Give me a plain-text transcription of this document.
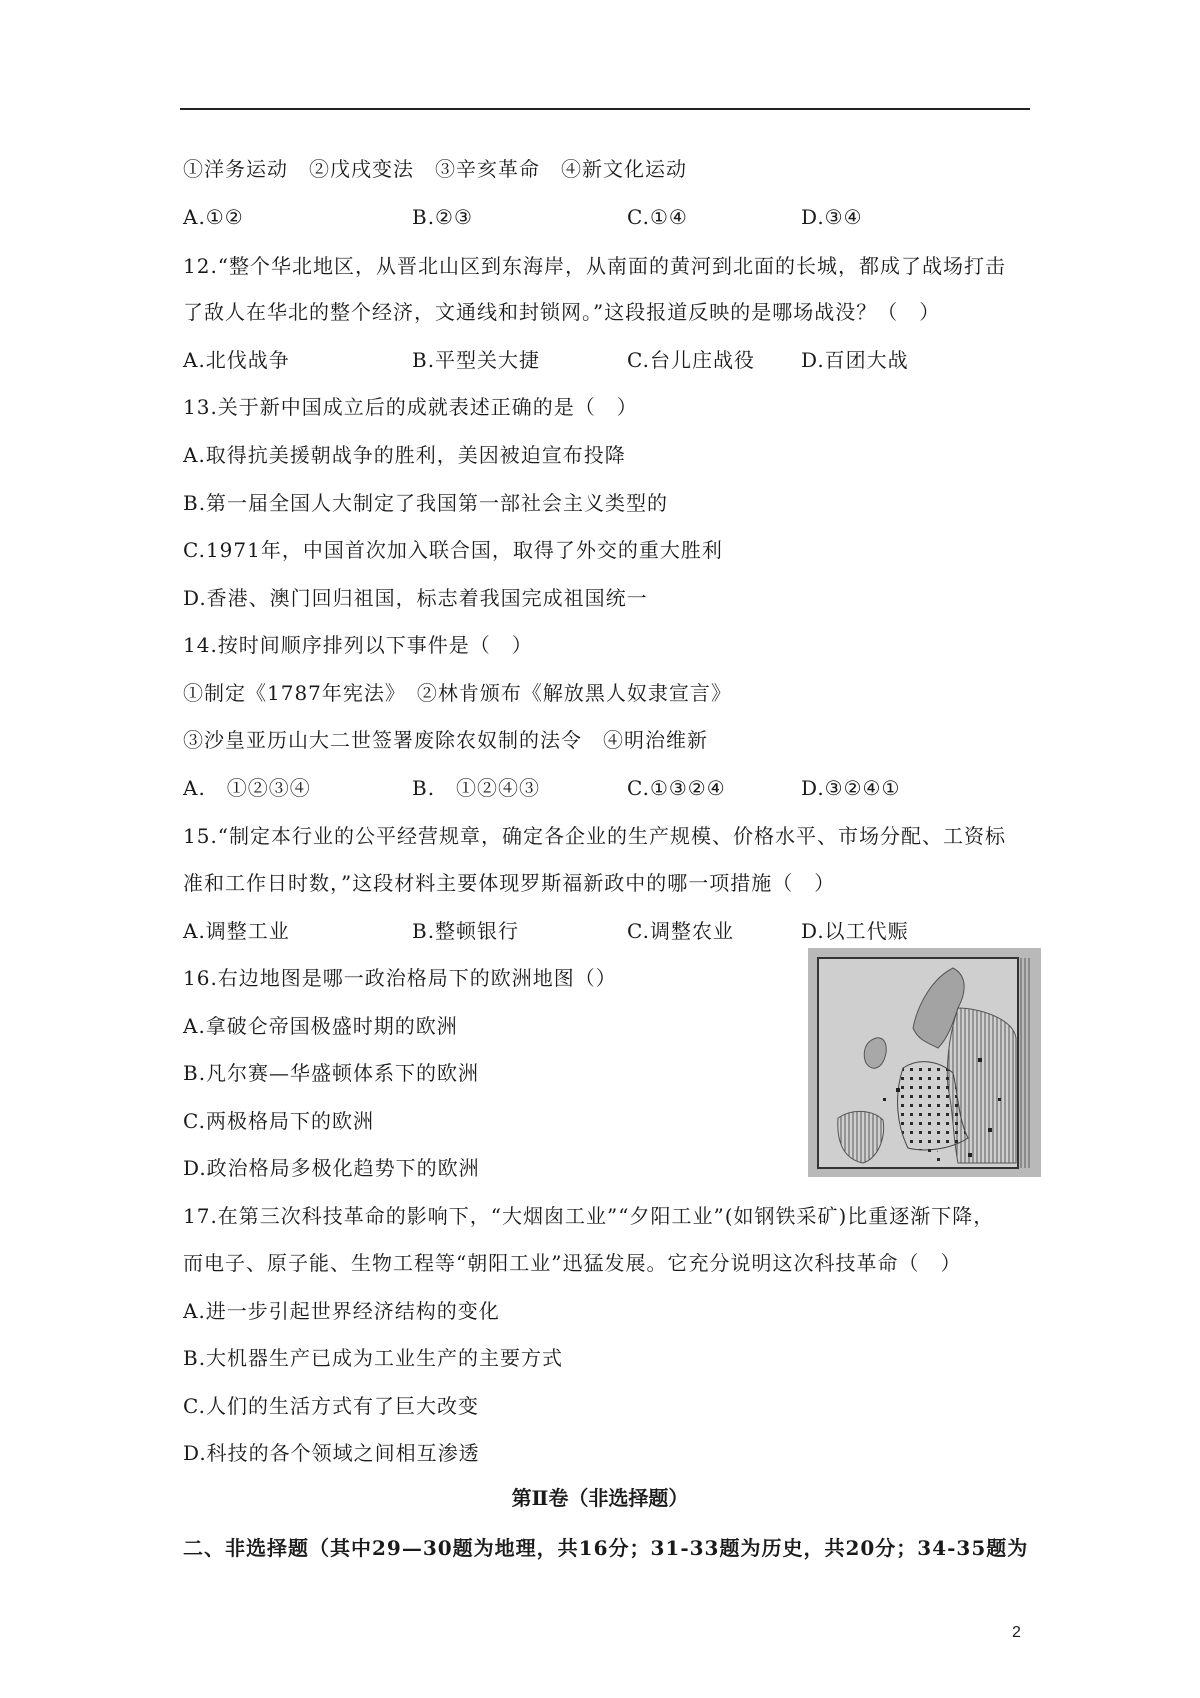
①洋务运动　②戊戌变法　③辛亥革命　④新文化运动
A.①②	B.②③	C.①④	D.③④
12.“整个华北地区，从晋北山区到东海岸，从南面的黄河到北面的长城，都成了战场打击
了敌人在华北的整个经济，文通线和封锁网。”这段报道反映的是哪场战没？（　）
A.北伐战争	B.平型关大捷	C.台儿庄战役 D.百团大战
13.关于新中国成立后的成就表述正确的是（　）
A.取得抗美援朝战争的胜利，美因被迫宣布投降
B.第一届全国人大制定了我国第一部社会主义类型的
C.1971年，中国首次加入联合国，取得了外交的重大胜利
D.香港、澳门回归祖国，标志着我国完成祖国统一
14.按时间顺序排列以下事件是（　）
①制定《1787年宪法》　②林肯颁布《解放黑人奴隶宣言》
③沙皇亚历山大二世签署废除农奴制的法令　④明治维新
A.　①②③④	B.　①②④③	C.①③②④	D.③②④①
15.“制定本行业的公平经营规章，确定各企业的生产规模、价格水平、市场分配、工资标
准和工作日时数，”这段材料主要体现罗斯福新政中的哪一项措施（　）
A.调整工业	B.整顿银行	C.调整农业	D.以工代赈
16.右边地图是哪一政治格局下的欧洲地图（）
A.拿破仑帝国极盛时期的欧洲
B.凡尔赛—华盛顿体系下的欧洲
C.两极格局下的欧洲
D.政治格局多极化趋势下的欧洲
17.在第三次科技革命的影响下，“大烟囱工业”“夕阳工业”(如钢铁采矿)比重逐渐下降，
而电子、原子能、生物工程等“朝阳工业”迅猛发展。它充分说明这次科技革命（　）
A.进一步引起世界经济结构的变化
B.大机器生产已成为工业生产的主要方式
C.人们的生活方式有了巨大改变
D.科技的各个领域之间相互渗透
第Ⅱ卷（非选择题）
二、非选择题（其中29—30题为地理，共16分；31-33题为历史，共20分；34-35题为
2
